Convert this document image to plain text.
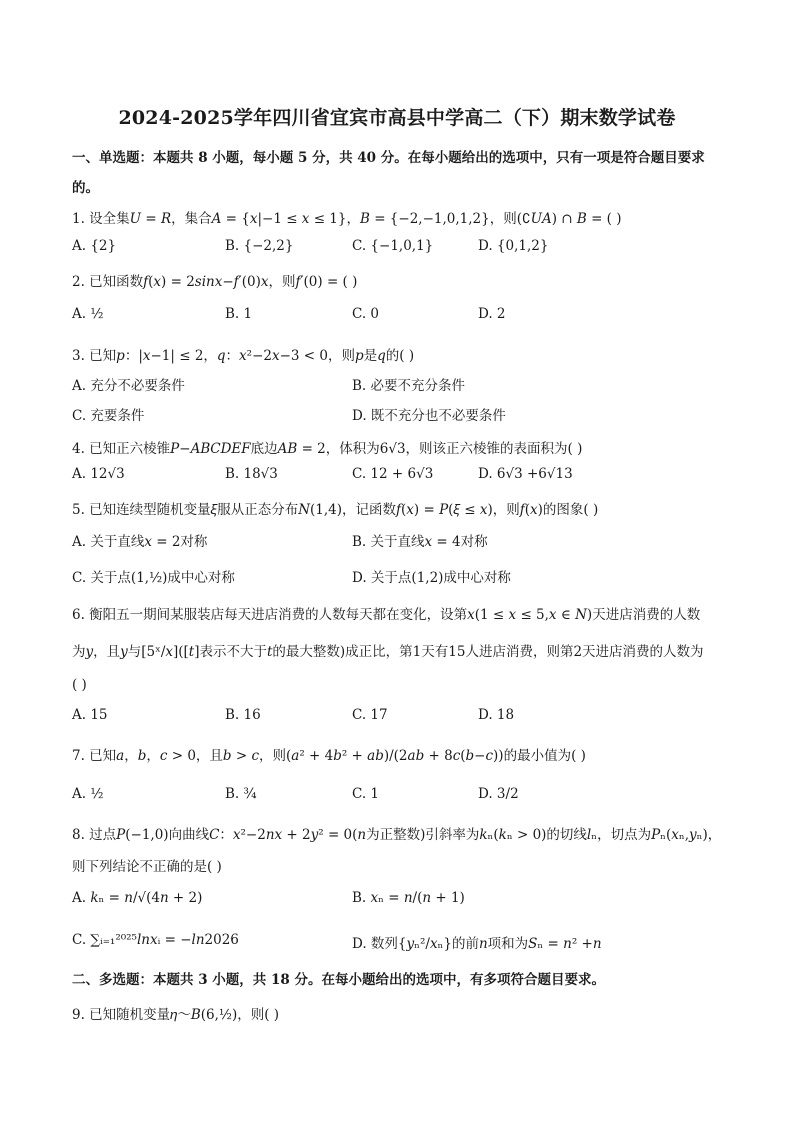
2024-2025学年四川省宜宾市高县中学高二（下）期末数学试卷
一、单选题：本题共 8 小题，每小题 5 分，共 40 分。在每小题给出的选项中，只有一项是符合题目要求
的。
1. 设全集𝑈 = 𝑅，集合𝐴 = {𝑥|−1 ≤ 𝑥 ≤ 1}，𝐵 = {−2,−1,0,1,2}，则(∁𝑈𝐴) ∩ 𝐵 = ( )
A. {2}	B. {−2,2}	C. {−1,0,1}	D. {0,1,2}
2. 已知函数𝑓(𝑥) = 2𝑠𝑖𝑛𝑥−𝑓′(0)𝑥，则𝑓′(0) = ( )
A. ½	B. 1	C. 0	D. 2
3. 已知𝑝：|𝑥−1| ≤ 2，𝑞：𝑥²−2𝑥−3 < 0，则𝑝是𝑞的( )
A. 充分不必要条件	B. 必要不充分条件
C. 充要条件	D. 既不充分也不必要条件
4. 已知正六棱锥𝑃−𝐴𝐵𝐶𝐷𝐸𝐹底边𝐴𝐵 = 2，体积为6√3，则该正六棱锥的表面积为( )
A. 12√3	B. 18√3	C. 12 + 6√3	D. 6√3 +6√13
5. 已知连续型随机变量𝜉服从正态分布𝑁(1,4)，记函数𝑓(𝑥) = 𝑃(𝜉 ≤ 𝑥)，则𝑓(𝑥)的图象( )
A. 关于直线𝑥 = 2对称	B. 关于直线𝑥 = 4对称
C. 关于点(1,½)成中心对称	D. 关于点(1,2)成中心对称
6. 衡阳五一期间某服装店每天进店消费的人数每天都在变化，设第𝑥(1 ≤ 𝑥 ≤ 5,𝑥 ∈ 𝑁)天进店消费的人数
为𝑦，且𝑦与[5ˣ/𝑥]([𝑡]表示不大于𝑡的最大整数)成正比，第1天有15人进店消费，则第2天进店消费的人数为
( )
A. 15	B. 16	C. 17	D. 18
7. 已知𝑎，𝑏，𝑐 > 0，且𝑏 > 𝑐，则(𝑎² + 4𝑏² + 𝑎𝑏)/(2𝑎𝑏 + 8𝑐(𝑏−𝑐))的最小值为( )
A. ½	B. ¾	C. 1	D. 3/2
8. 过点𝑃(−1,0)向曲线𝐶：𝑥²−2𝑛𝑥 + 2𝑦² = 0(𝑛为正整数)引斜率为𝑘ₙ(𝑘ₙ > 0)的切线𝑙ₙ，切点为𝑃ₙ(𝑥ₙ,𝑦ₙ)，
则下列结论不正确的是( )
A. 𝑘ₙ = 𝑛/√(4𝑛 + 2)	B. 𝑥ₙ = 𝑛/(𝑛 + 1)
C. ∑ᵢ₌₁²⁰²⁵𝑙𝑛𝑥ᵢ = −𝑙𝑛2026	D. 数列{𝑦ₙ²/𝑥ₙ}的前𝑛项和为𝑆ₙ = 𝑛² +𝑛
二、多选题：本题共 3 小题，共 18 分。在每小题给出的选项中，有多项符合题目要求。
9. 已知随机变量𝜂～𝐵(6,½)，则( )
